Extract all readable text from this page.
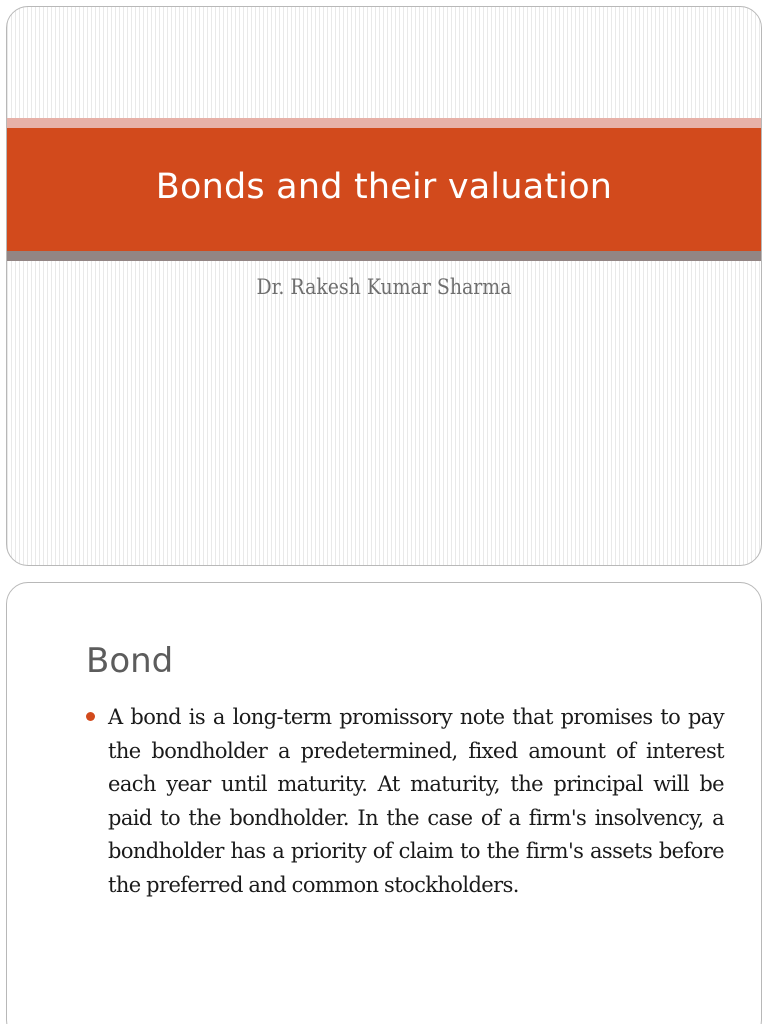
Bonds and their valuation
Dr. Rakesh Kumar Sharma
Bond
A bond is a long-term promissory note that promises to pay the bondholder a predetermined, fixed amount of interest each year until maturity. At maturity, the principal will be paid to the bondholder. In the case of a firm's insolvency, a bondholder has a priority of claim to the firm's assets before the preferred and common stockholders.
